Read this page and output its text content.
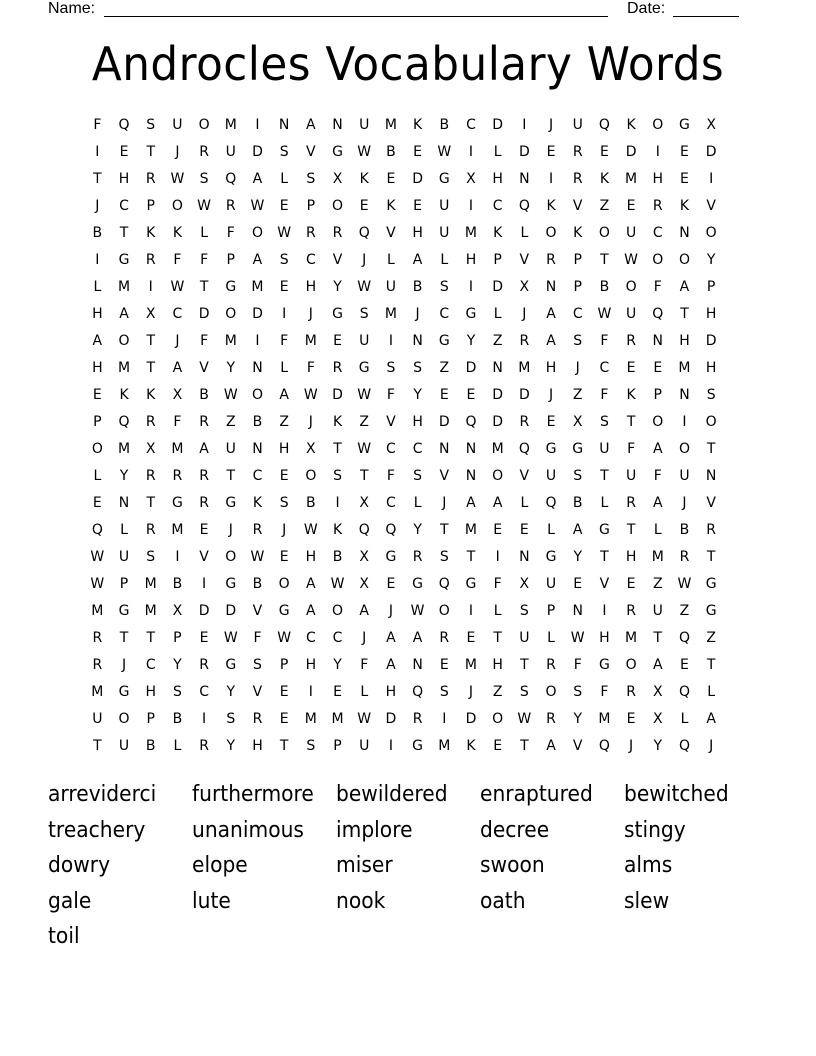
Name:	Date:
Androcles Vocabulary Words
F	Q	S	U	O	M	I	N	A	N	U	M	K	B	C	D	I	J	U	Q	K	O	G	X
I	E	T	J	R	U	D	S	V	G	W	B	E	W	I	L	D	E	R	E	D	I	E	D
T	H	R	W	S	Q	A	L	S	X	K	E	D	G	X	H	N	I	R	K	M	H	E	I
J	C	P	O	W	R	W	E	P	O	E	K	E	U	I	C	Q	K	V	Z	E	R	K	V
B	T	K	K	L	F	O	W	R	R	Q	V	H	U	M	K	L	O	K	O	U	C	N	O
I	G	R	F	F	P	A	S	C	V	J	L	A	L	H	P	V	R	P	T	W	O	O	Y
L	M	I	W	T	G	M	E	H	Y	W	U	B	S	I	D	X	N	P	B	O	F	A	P
H	A	X	C	D	O	D	I	J	G	S	M	J	C	G	L	J	A	C	W	U	Q	T	H
A	O	T	J	F	M	I	F	M	E	U	I	N	G	Y	Z	R	A	S	F	R	N	H	D
H	M	T	A	V	Y	N	L	F	R	G	S	S	Z	D	N	M	H	J	C	E	E	M	H
E	K	K	X	B	W	O	A	W	D	W	F	Y	E	E	D	D	J	Z	F	K	P	N	S
P	Q	R	F	R	Z	B	Z	J	K	Z	V	H	D	Q	D	R	E	X	S	T	O	I	O
O	M	X	M	A	U	N	H	X	T	W	C	C	N	N	M	Q	G	G	U	F	A	O	T
L	Y	R	R	R	T	C	E	O	S	T	F	S	V	N	O	V	U	S	T	U	F	U	N
E	N	T	G	R	G	K	S	B	I	X	C	L	J	A	A	L	Q	B	L	R	A	J	V
Q	L	R	M	E	J	R	J	W	K	Q	Q	Y	T	M	E	E	L	A	G	T	L	B	R
W	U	S	I	V	O	W	E	H	B	X	G	R	S	T	I	N	G	Y	T	H	M	R	T
W	P	M	B	I	G	B	O	A	W	X	E	G	Q	G	F	X	U	E	V	E	Z	W	G
M	G	M	X	D	D	V	G	A	O	A	J	W	O	I	L	S	P	N	I	R	U	Z	G
R	T	T	P	E	W	F	W	C	C	J	A	A	R	E	T	U	L	W	H	M	T	Q	Z
R	J	C	Y	R	G	S	P	H	Y	F	A	N	E	M	H	T	R	F	G	O	A	E	T
M	G	H	S	C	Y	V	E	I	E	L	H	Q	S	J	Z	S	O	S	F	R	X	Q	L
U	O	P	B	I	S	R	E	M	M W	D	R	I	D	O	W	R	Y	M	E	X	L	A
T	U	B	L	R	Y	H	T	S	P	U	I	G	M	K	E	T	A	V	Q	J	Y	Q	J
arreviderci	furthermore	bewildered	enraptured	bewitched
treachery	unanimous	implore	decree	stingy
dowry	elope	miser	swoon	alms
gale	lute	nook	oath	slew
toil
